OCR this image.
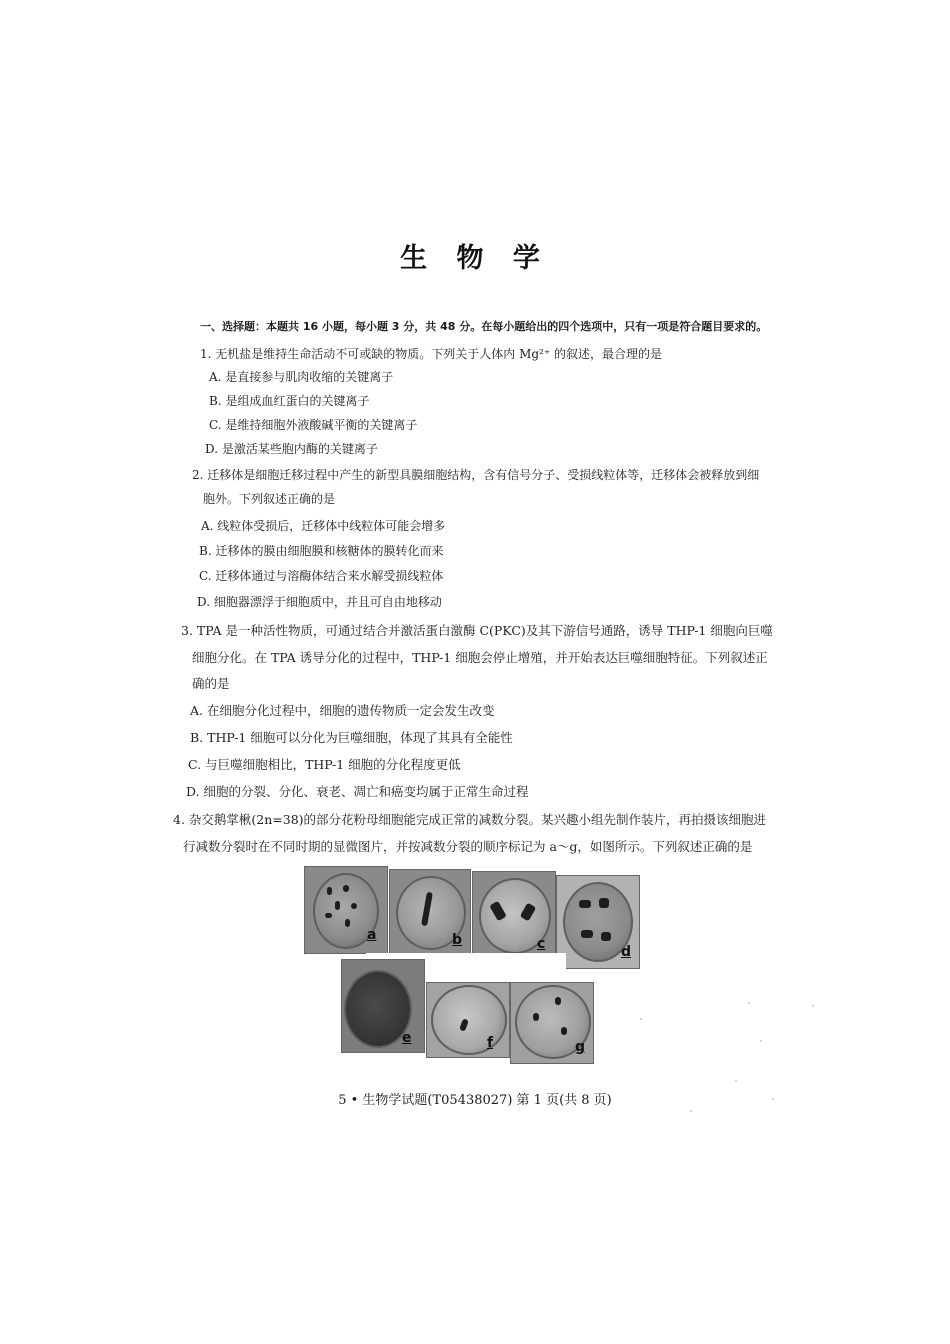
生 物 学
一、选择题：本题共 16 小题，每小题 3 分，共 48 分。在每小题给出的四个选项中，只有一项是符合题目要求的。
1. 无机盐是维持生命活动不可或缺的物质。下列关于人体内 Mg²⁺ 的叙述，最合理的是
A. 是直接参与肌肉收缩的关键离子
B. 是组成血红蛋白的关键离子
C. 是维持细胞外液酸碱平衡的关键离子
D. 是激活某些胞内酶的关键离子
2. 迁移体是细胞迁移过程中产生的新型具膜细胞结构，含有信号分子、受损线粒体等，迁移体会被释放到细
胞外。下列叙述正确的是
A. 线粒体受损后，迁移体中线粒体可能会增多
B. 迁移体的膜由细胞膜和核糖体的膜转化而来
C. 迁移体通过与溶酶体结合来水解受损线粒体
D. 细胞器漂浮于细胞质中，并且可自由地移动
3. TPA 是一种活性物质，可通过结合并激活蛋白激酶 C(PKC)及其下游信号通路，诱导 THP-1 细胞向巨噬
细胞分化。在 TPA 诱导分化的过程中，THP-1 细胞会停止增殖，并开始表达巨噬细胞特征。下列叙述正
确的是
A. 在细胞分化过程中，细胞的遗传物质一定会发生改变
B. THP-1 细胞可以分化为巨噬细胞，体现了其具有全能性
C. 与巨噬细胞相比，THP-1 细胞的分化程度更低
D. 细胞的分裂、分化、衰老、凋亡和癌变均属于正常生命过程
4. 杂交鹅掌楸(2n=38)的部分花粉母细胞能完成正常的减数分裂。某兴趣小组先制作装片，再拍摄该细胞进
行减数分裂时在不同时期的显微图片，并按减数分裂的顺序标记为 a～g，如图所示。下列叙述正确的是
a	b	c	d
e	f	g
5 • 生物学试题(T05438027) 第 1 页(共 8 页)
